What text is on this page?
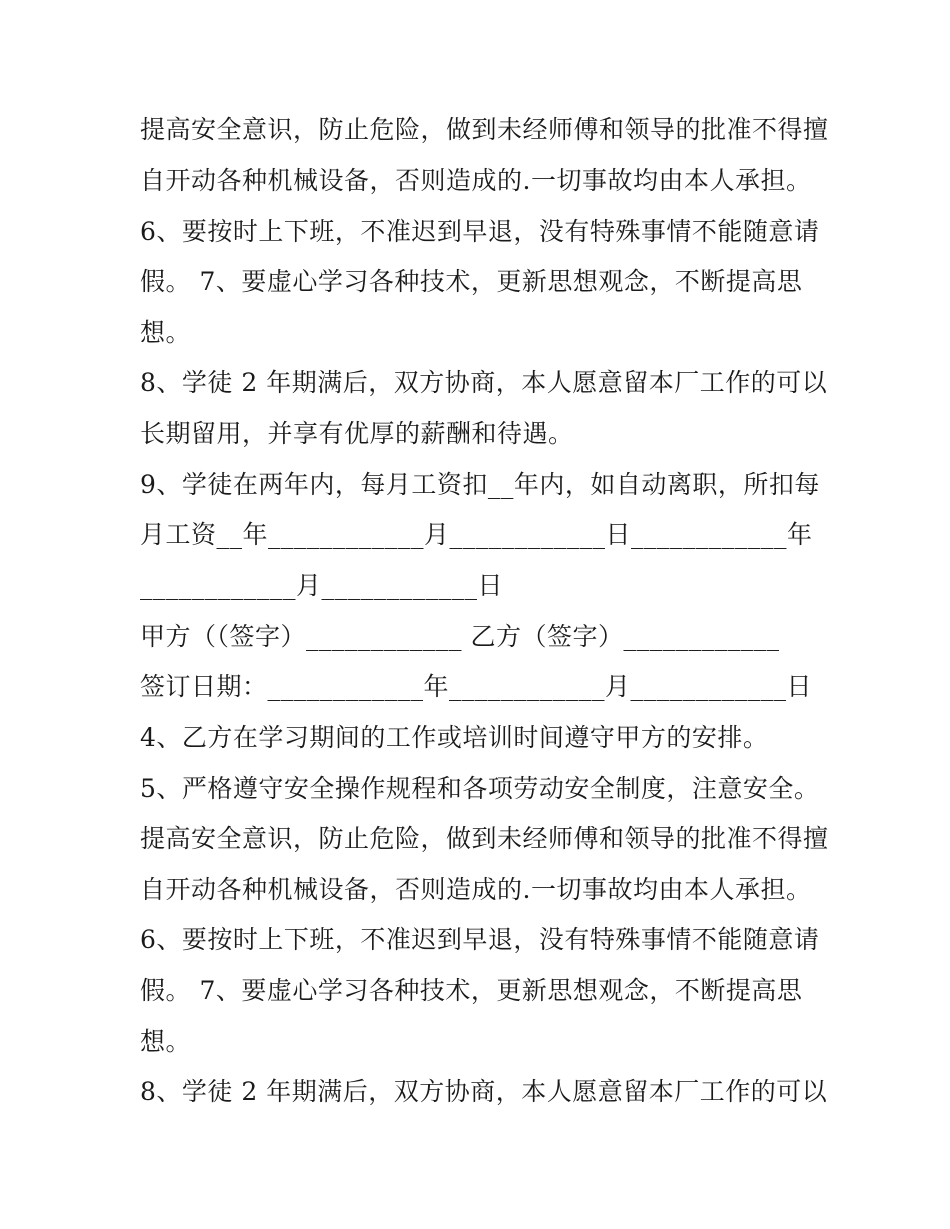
提高安全意识，防止危险，做到未经师傅和领导的批准不得擅
自开动各种机械设备，否则造成的.一切事故均由本人承担。
6、要按时上下班，不准迟到早退，没有特殊事情不能随意请
假。 7、要虚心学习各种技术，更新思想观念，不断提高思
想。
8、学徒 2 年期满后，双方协商，本人愿意留本厂工作的可以
长期留用，并享有优厚的薪酬和待遇。
9、学徒在两年内，每月工资扣__年内，如自动离职，所扣每
月工资__年____________月____________日____________年
____________月____________日
甲方（（签字）____________ 乙方（签字）____________
签订日期：____________年____________月____________日
4、乙方在学习期间的工作或培训时间遵守甲方的安排。
5、严格遵守安全操作规程和各项劳动安全制度，注意安全。
提高安全意识，防止危险，做到未经师傅和领导的批准不得擅
自开动各种机械设备，否则造成的.一切事故均由本人承担。
6、要按时上下班，不准迟到早退，没有特殊事情不能随意请
假。 7、要虚心学习各种技术，更新思想观念，不断提高思
想。
8、学徒 2 年期满后，双方协商，本人愿意留本厂工作的可以
